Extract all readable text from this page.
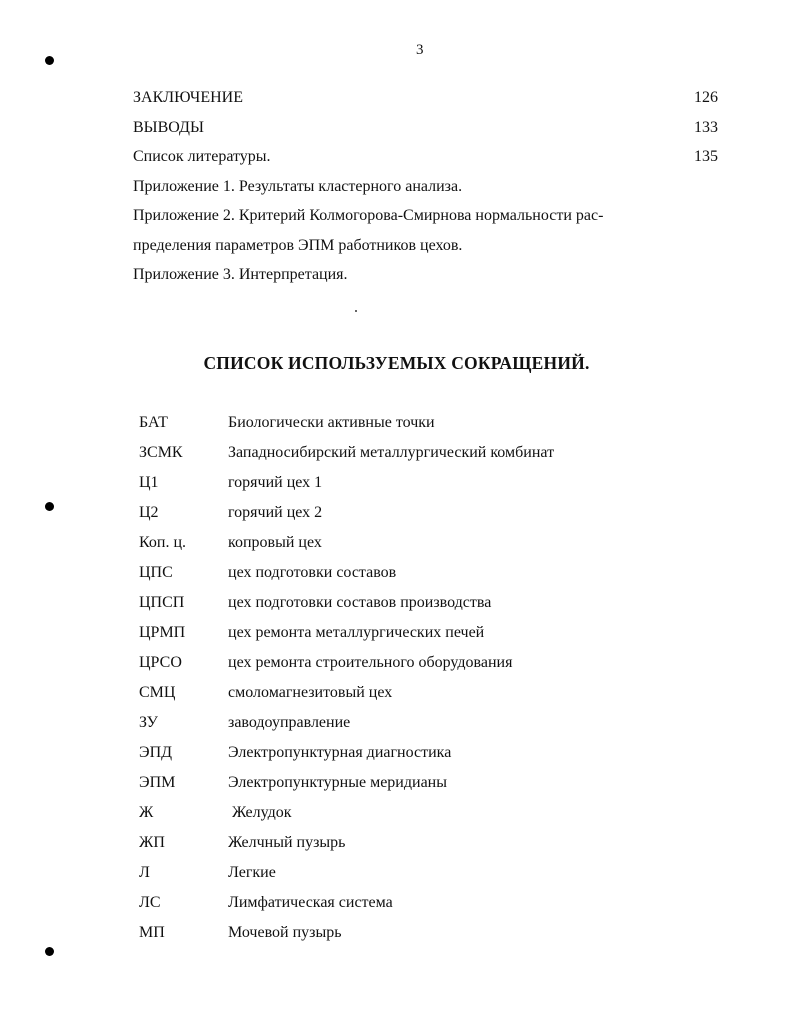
3
ЗАКЛЮЧЕНИЕ	126
ВЫВОДЫ	133
Список литературы.	135
Приложение 1. Результаты кластерного анализа.
Приложение 2. Критерий Колмогорова-Смирнова нормальности рас-
пределения параметров ЭПМ работников цехов.
Приложение 3. Интерпретация.
СПИСОК ИСПОЛЬЗУЕМЫХ СОКРАЩЕНИЙ.
БАТ	Биологически активные точки
ЗСМК	Западносибирский металлургический комбинат
Ц1	горячий цех 1
Ц2	горячий цех 2
Коп. ц.	копровый цех
ЦПС	цех подготовки составов
ЦПСП	цех подготовки составов производства
ЦРМП	цех ремонта металлургических печей
ЦРСО	цех ремонта строительного оборудования
СМЦ	смоломагнезитовый цех
ЗУ	заводоуправление
ЭПД	Электропунктурная диагностика
ЭПМ	Электропунктурные меридианы
Ж	Желудок
ЖП	Желчный пузырь
Л	Легкие
ЛС	Лимфатическая система
МП	Мочевой пузырь
